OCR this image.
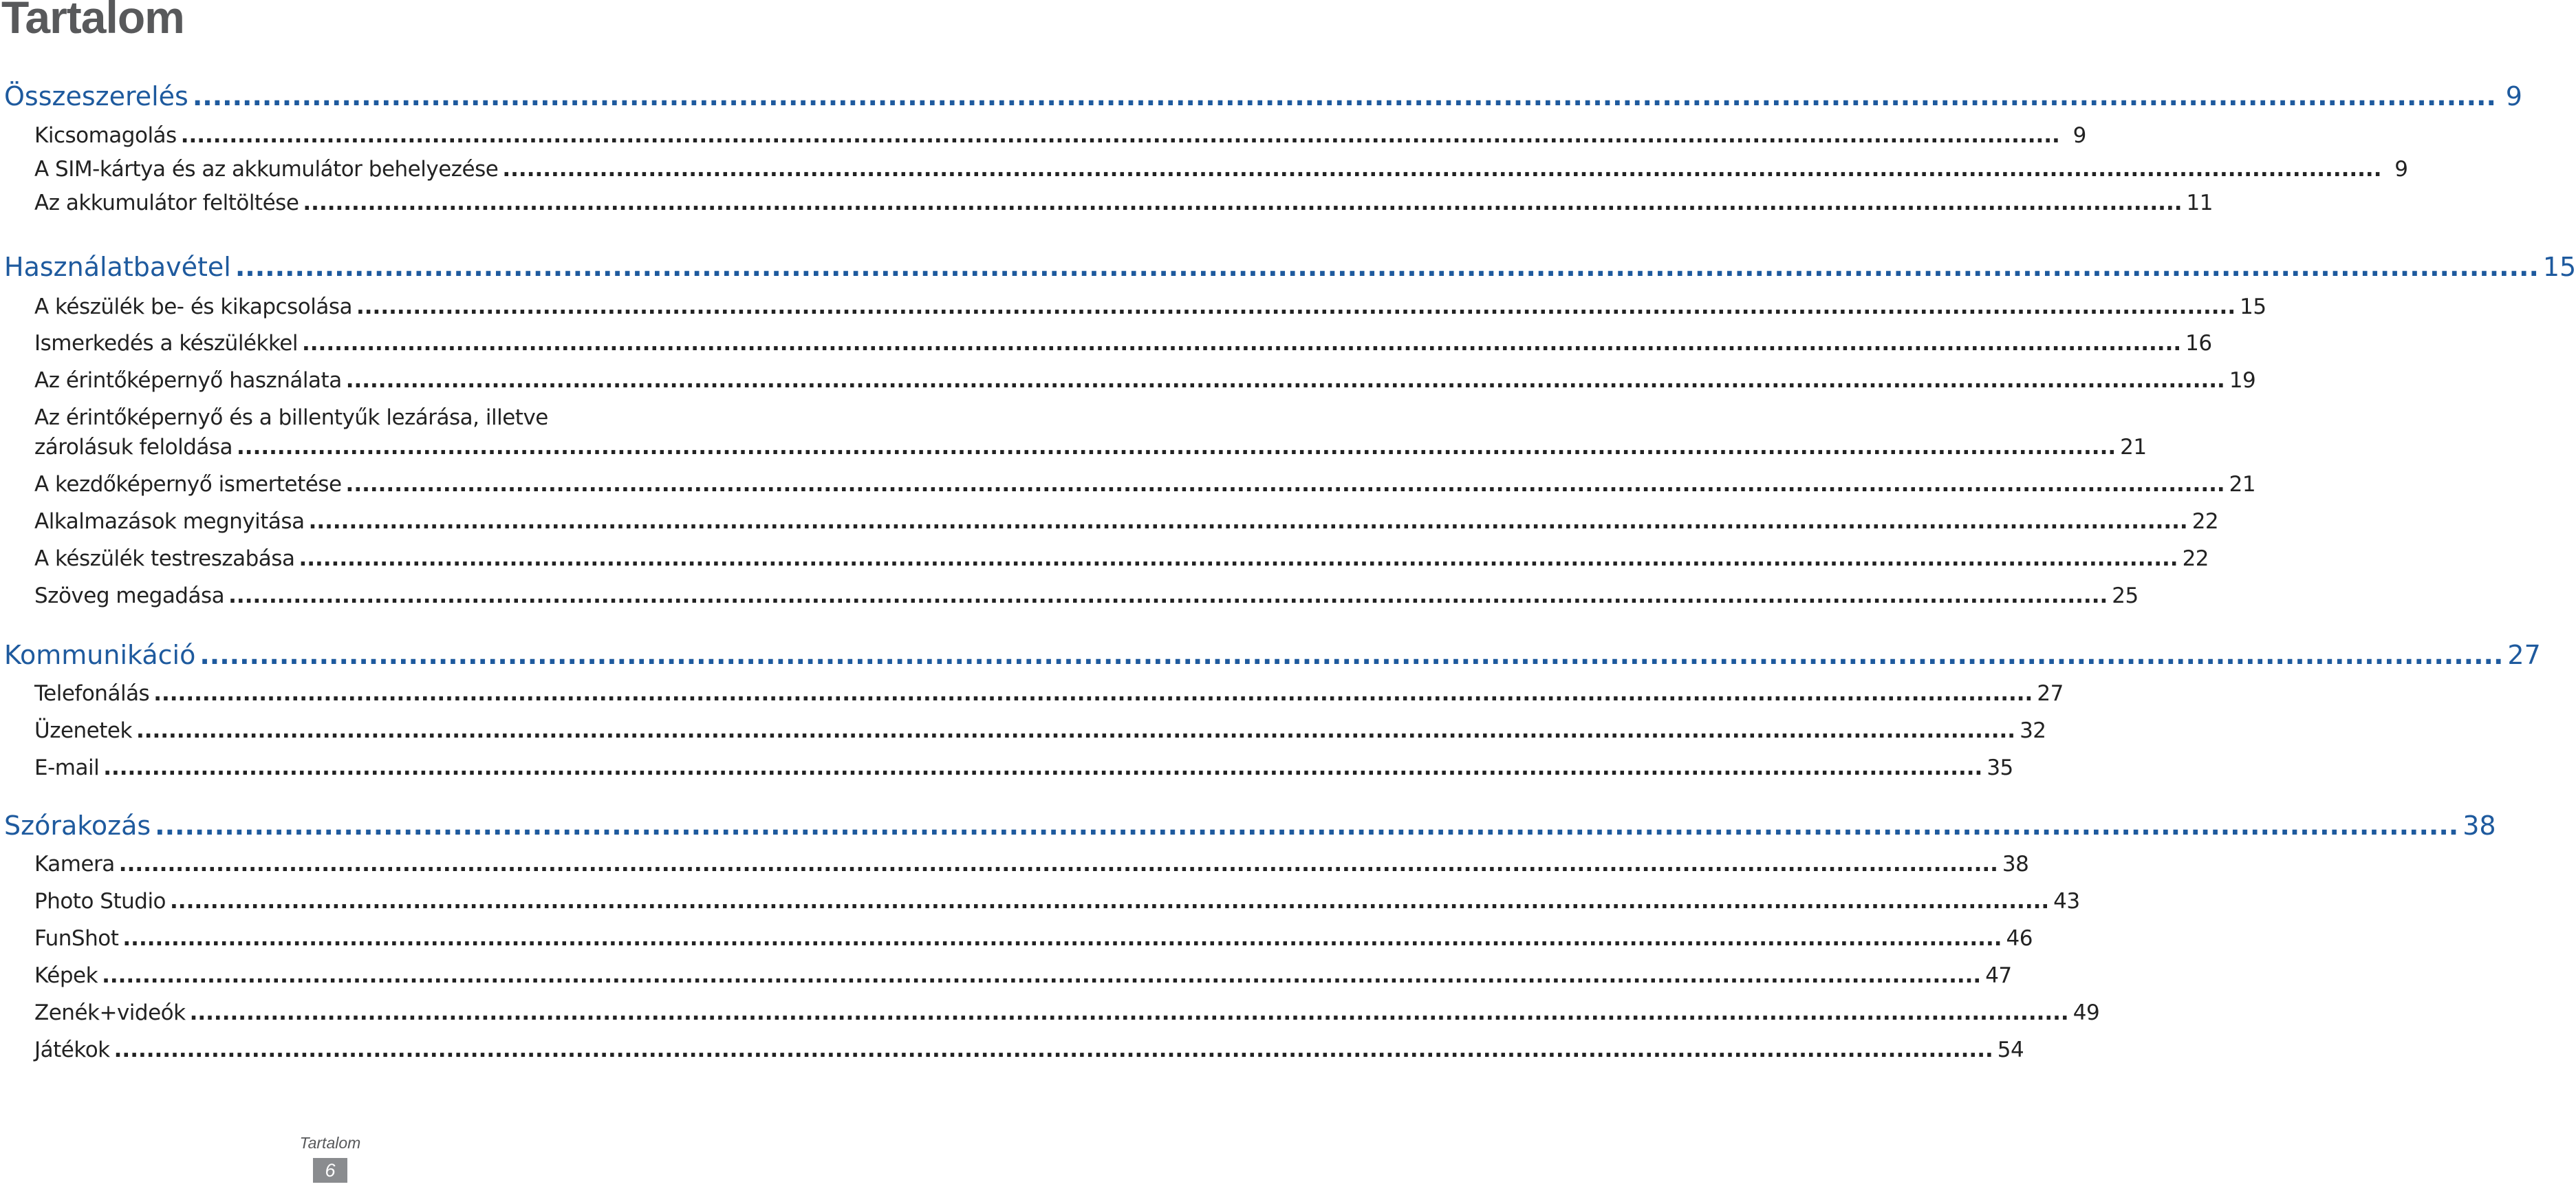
Tartalom
Összeszerelés .....	9
Kicsomagolás .....	9
A SIM-kártya és az akkumulátor behelyezése .....	9
Az akkumulátor feltöltése .....	11
Használatbavétel .....	15
A készülék be- és kikapcsolása .....	15
Ismerkedés a készülékkel .....	16
Az érintőképernyő használata .....	19
Az érintőképernyő és a billentyűk lezárása, illetve
zárolásuk feloldása .....	21
A kezdőképernyő ismertetése .....	21
Alkalmazások megnyitása .....	22
A készülék testreszabása .....	22
Szöveg megadása .....	25
Kommunikáció .....	27
Telefonálás .....	27
Üzenetek .....	32
E-mail .....	35
Szórakozás .....	38
Kamera .....	38
Photo Studio .....	43
FunShot .....	46
Képek .....	47
Zenék+videók .....	49
Játékok .....	54
Tartalom
6
